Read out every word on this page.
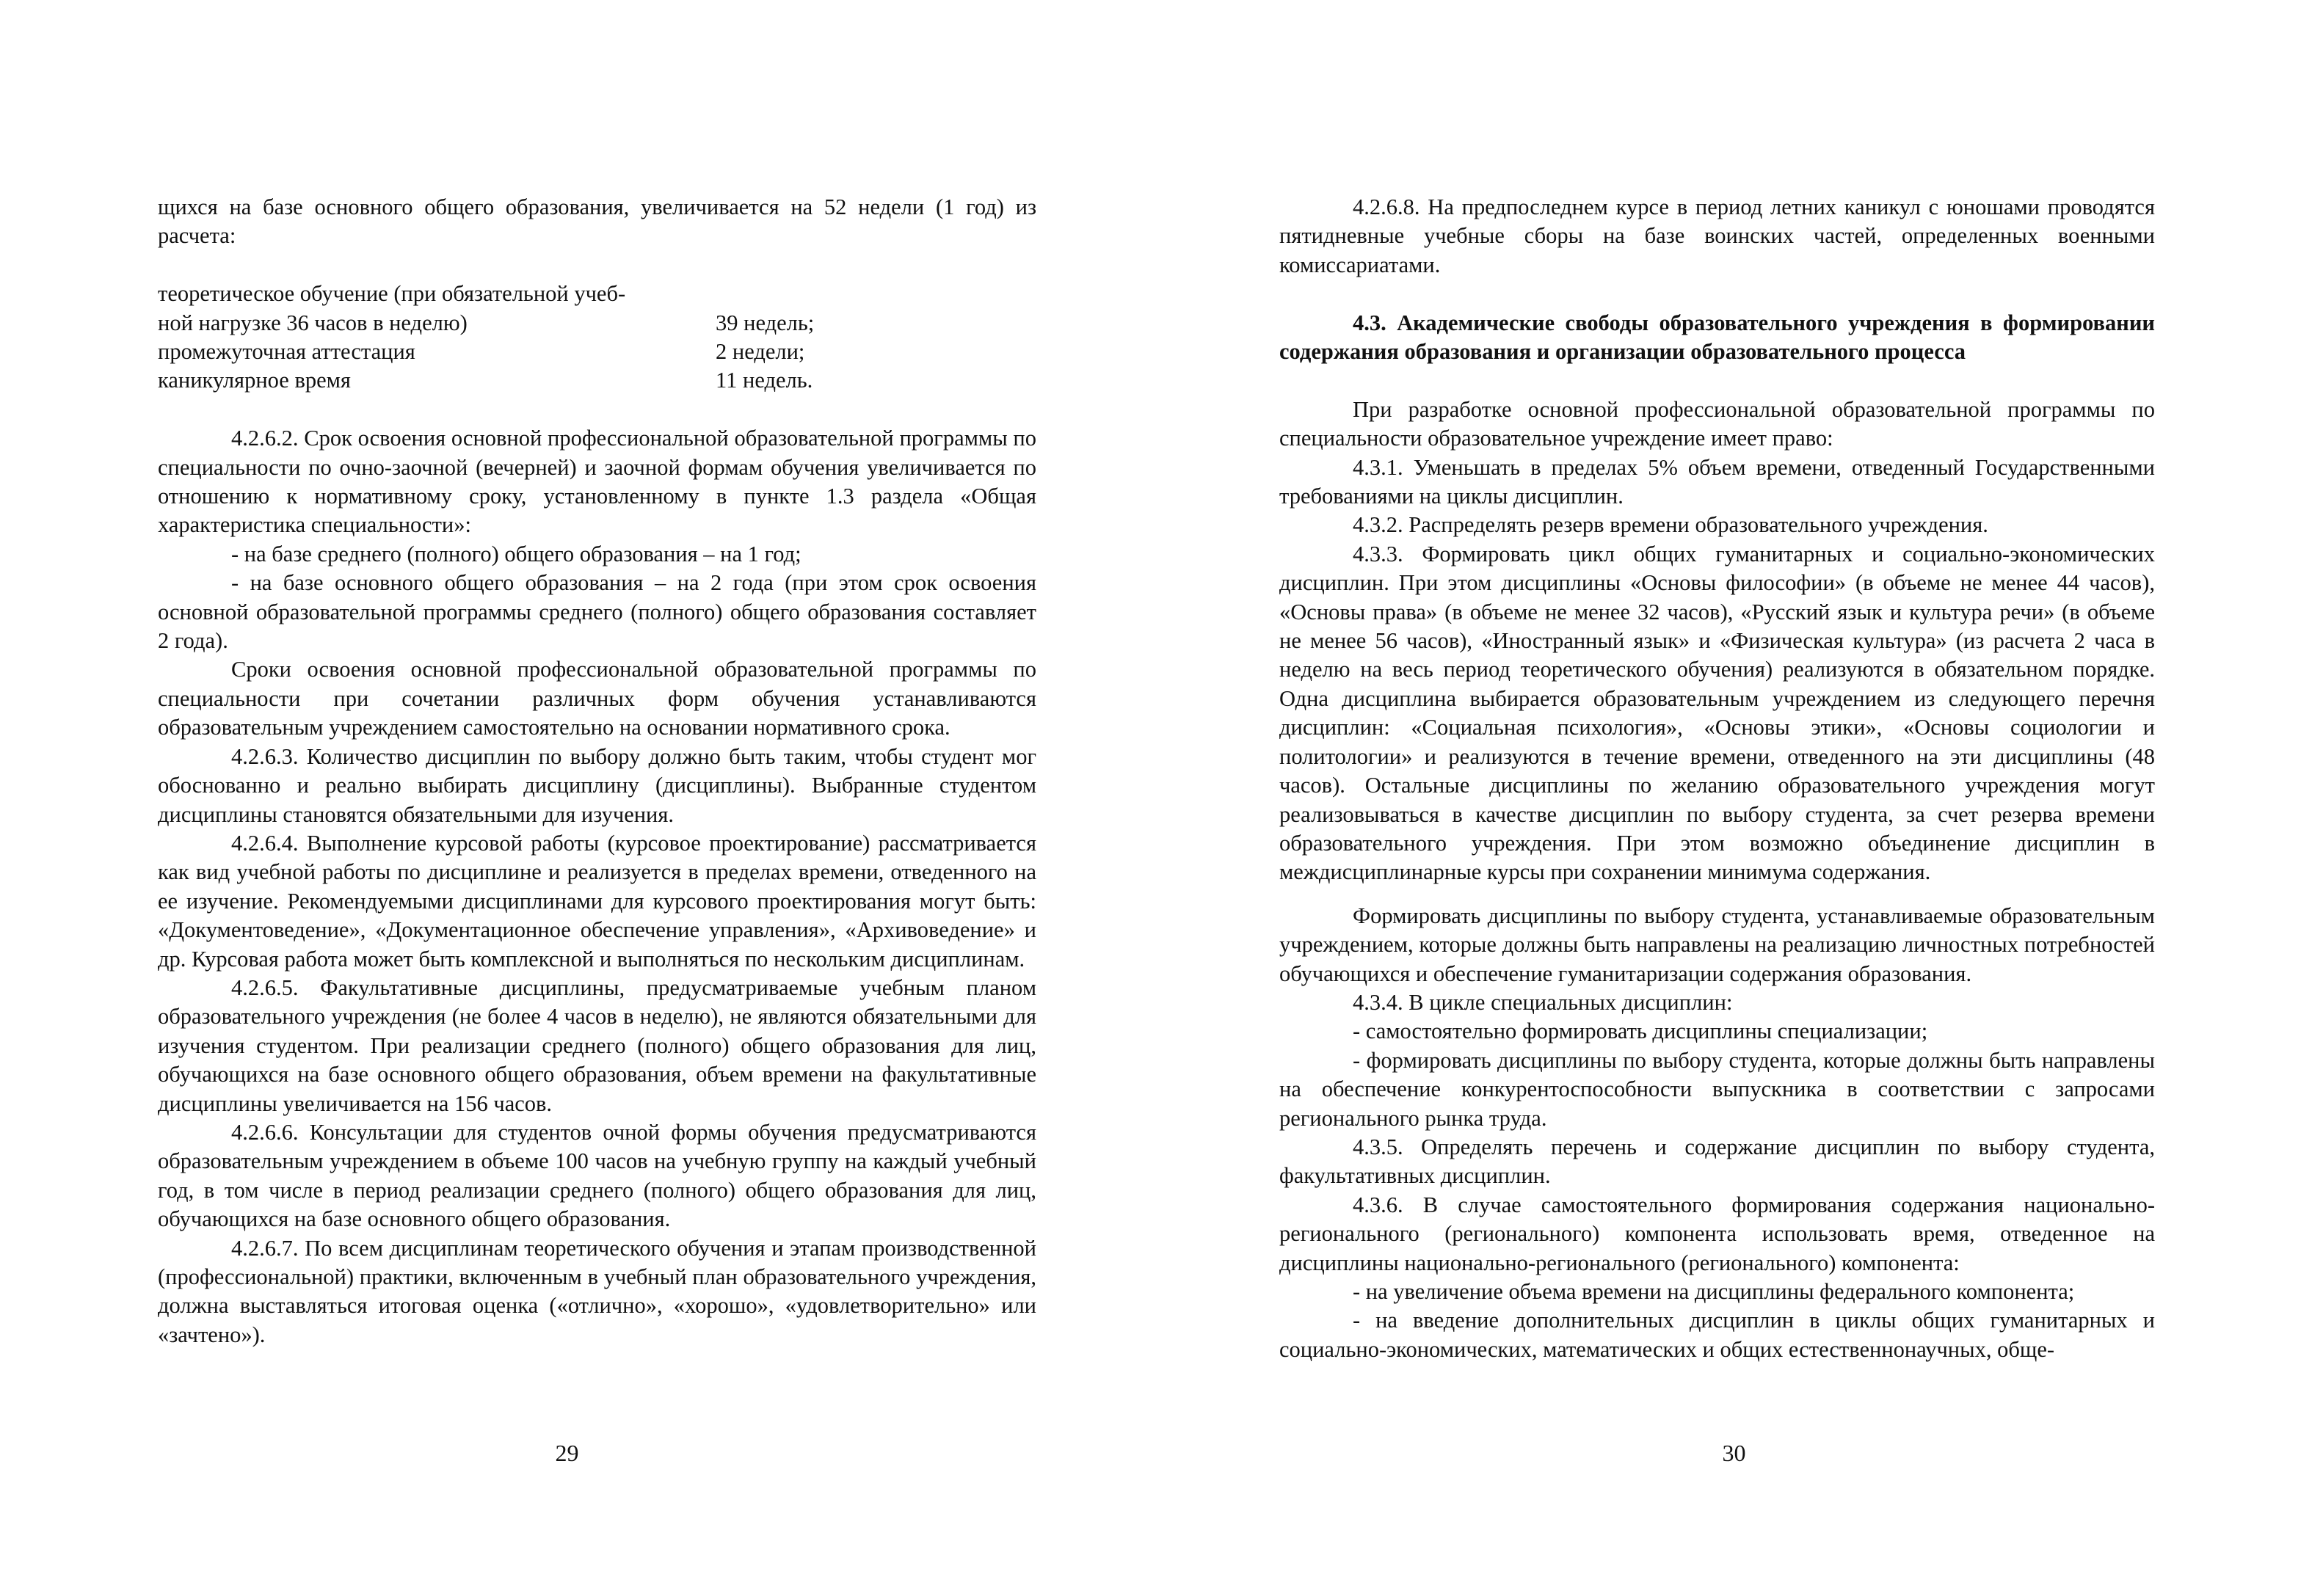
щихся на базе основного общего образования, увеличивается на 52 недели (1 год) из расчета:

теоретическое обучение (при обязательной учеб-
ной нагрузке 36 часов в неделю)	39 недель;
промежуточная аттестация	2 недели;
каникулярное время	11 недель.

4.2.6.2. Срок освоения основной профессиональной образовательной программы по специальности по очно-заочной (вечерней) и заочной формам обучения увеличивается по отношению к нормативному сроку, установленному в пункте 1.3 раздела «Общая характеристика специальности»:

- на базе среднего (полного) общего образования – на 1 год;

- на базе основного общего образования – на 2 года (при этом срок освоения основной образовательной программы среднего (полного) общего образования составляет 2 года).

Сроки освоения основной профессиональной образовательной программы по специальности при сочетании различных форм обучения устанавливаются образовательным учреждением самостоятельно на основании нормативного срока.

4.2.6.3. Количество дисциплин по выбору должно быть таким, чтобы студент мог обоснованно и реально выбирать дисциплину (дисциплины). Выбранные студентом дисциплины становятся обязательными для изучения.

4.2.6.4. Выполнение курсовой работы (курсовое проектирование) рассматривается как вид учебной работы по дисциплине и реализуется в пределах времени, отведенного на ее изучение. Рекомендуемыми дисциплинами для курсового проектирования могут быть: «Документоведение», «Документационное обеспечение управления», «Архивоведение» и др. Курсовая работа может быть комплексной и выполняться по нескольким дисциплинам.

4.2.6.5. Факультативные дисциплины, предусматриваемые учебным планом образовательного учреждения (не более 4 часов в неделю), не являются обязательными для изучения студентом. При реализации среднего (полного) общего образования для лиц, обучающихся на базе основного общего образования, объем времени на факультативные дисциплины увеличивается на 156 часов.

4.2.6.6. Консультации для студентов очной формы обучения предусматриваются образовательным учреждением в объеме 100 часов на учебную группу на каждый учебный год, в том числе в период реализации среднего (полного) общего образования для лиц, обучающихся на базе основного общего образования.

4.2.6.7. По всем дисциплинам теоретического обучения и этапам производственной (профессиональной) практики, включенным в учебный план образовательного учреждения, должна выставляться итоговая оценка («отлично», «хорошо», «удовлетворительно» или «зачтено»).

29

4.2.6.8. На предпоследнем курсе в период летних каникул с юношами проводятся пятидневные учебные сборы на базе воинских частей, определенных военными комиссариатами.

4.3. Академические свободы образовательного учреждения в формировании содержания образования и организации образовательного процесса

При разработке основной профессиональной образовательной программы по специальности образовательное учреждение имеет право:

4.3.1. Уменьшать в пределах 5% объем времени, отведенный Государственными требованиями на циклы дисциплин.

4.3.2. Распределять резерв времени образовательного учреждения.

4.3.3. Формировать цикл общих гуманитарных и социально-экономических дисциплин. При этом дисциплины «Основы философии» (в объеме не менее 44 часов), «Основы права» (в объеме не менее 32 часов), «Русский язык и культура речи» (в объеме не менее 56 часов), «Иностранный язык» и «Физическая культура» (из расчета 2 часа в неделю на весь период теоретического обучения) реализуются в обязательном порядке. Одна дисциплина выбирается образовательным учреждением из следующего перечня дисциплин: «Социальная психология», «Основы этики», «Основы социологии и политологии» и реализуются в течение времени, отведенного на эти дисциплины (48 часов). Остальные дисциплины по желанию образовательного учреждения могут реализовываться в качестве дисциплин по выбору студента, за счет резерва времени образовательного учреждения. При этом возможно объединение дисциплин в междисциплинарные курсы при сохранении минимума содержания.

Формировать дисциплины по выбору студента, устанавливаемые образовательным учреждением, которые должны быть направлены на реализацию личностных потребностей обучающихся и обеспечение гуманитаризации содержания образования.

4.3.4. В цикле специальных дисциплин:

- самостоятельно формировать дисциплины специализации;

- формировать дисциплины по выбору студента, которые должны быть направлены на обеспечение конкурентоспособности выпускника в соответствии с запросами регионального рынка труда.

4.3.5. Определять перечень и содержание дисциплин по выбору студента, факультативных дисциплин.

4.3.6. В случае самостоятельного формирования содержания национально-регионального (регионального) компонента использовать время, отведенное на дисциплины национально-регионального (регионального) компонента:

- на увеличение объема времени на дисциплины федерального компонента;

- на введение дополнительных дисциплин в циклы общих гуманитарных и социально-экономических, математических и общих естественнонаучных, обще-

30
